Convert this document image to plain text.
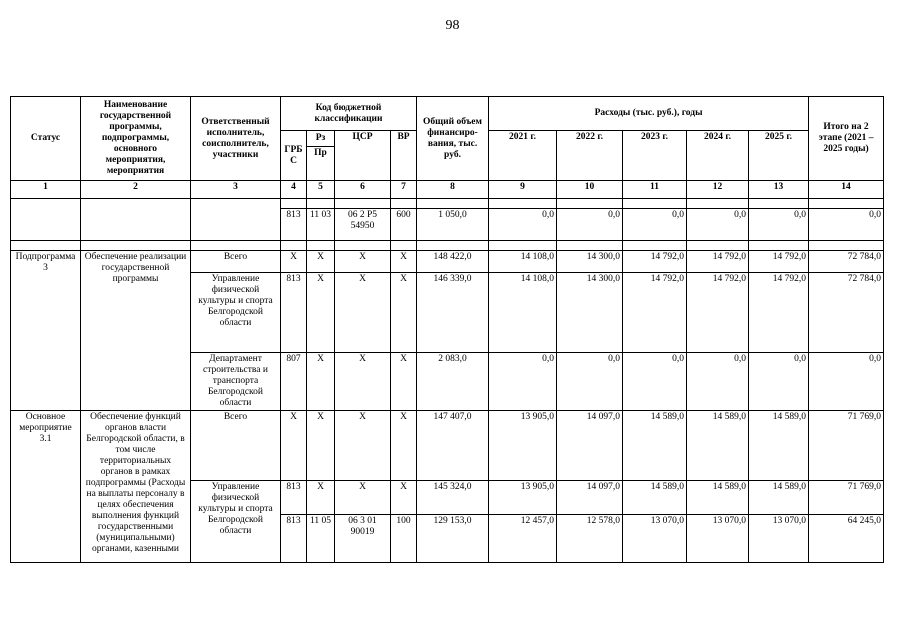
98
Статус	Наименование государственной программы, подпрограммы, основного мероприятия, мероприятия	Ответственный исполнитель, соисполнитель, участники	Код бюджетной классификации				Общий объем финансиро-вания, тыс. руб.	Расходы (тыс. руб.), годы					Итого на 2 этапе (2021 – 2025 годы)
			ГРБ С	Рз	ЦСР	ВР		2021 г.	2022 г.	2023 г.	2024 г.	2025 г.	
				Пр									
1	2	3	4	5	6	7	8	9	10	11	12	13	14

			813	11 03	06 2 P5 54950	600	1 050,0	0,0	0,0	0,0	0,0	0,0	0,0

Подпрограмма 3	Обеспечение реализации государственной программы	Всего	Х	Х	Х	Х	148 422,0	14 108,0	14 300,0	14 792,0	14 792,0	14 792,0	72 784,0
		Управление физической культуры и спорта Белгородской области	813	Х	Х	Х	146 339,0	14 108,0	14 300,0	14 792,0	14 792,0	14 792,0	72 784,0
		Департамент строительства и транспорта Белгородской области	807	Х	Х	Х	2 083,0	0,0	0,0	0,0	0,0	0,0	0,0
Основное мероприятие 3.1	Обеспечение функций органов власти Белгородской области, в том числе территориальных органов в рамках подпрограммы (Расходы на выплаты персоналу в целях обеспечения выполнения функций государственными (муниципальными) органами, казенными	Всего	Х	Х	Х	Х	147 407,0	13 905,0	14 097,0	14 589,0	14 589,0	14 589,0	71 769,0
		Управление физической культуры и спорта Белгородской области	813	Х	Х	Х	145 324,0	13 905,0	14 097,0	14 589,0	14 589,0	14 589,0	71 769,0
			813	11 05	06 3 01 90019	100	129 153,0	12 457,0	12 578,0	13 070,0	13 070,0	13 070,0	64 245,0
